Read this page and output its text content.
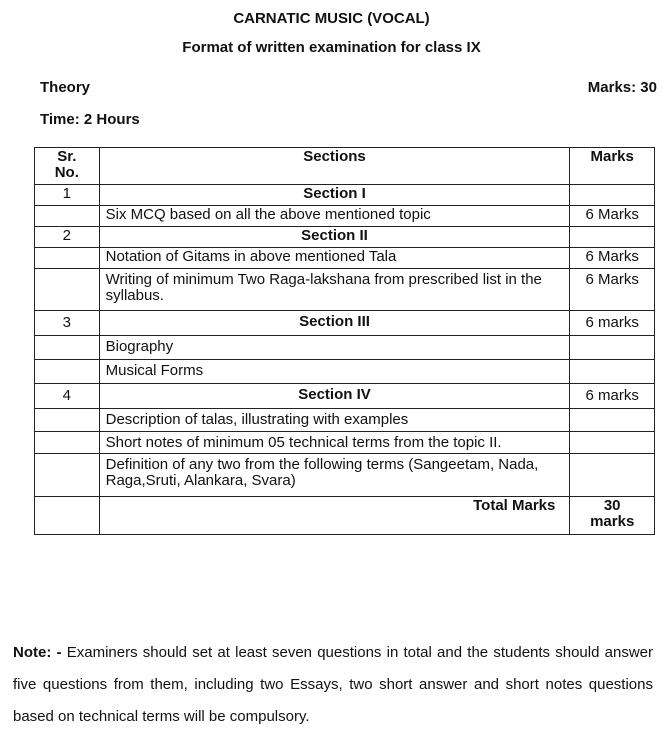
CARNATIC MUSIC (VOCAL)
Format of written examination for class IX
Theory	Marks: 30
Time: 2 Hours
Sr.
No.	Sections	Marks
1	Section I	
	Six MCQ based on all the above mentioned topic	6 Marks
2	Section II	
	Notation of Gitams in above mentioned Tala	6 Marks
	Writing of minimum Two Raga-lakshana from prescribed list in the syllabus.	6 Marks
3	Section III	6 marks
	Biography	
	Musical Forms	
4	Section IV	6 marks
	Description of talas, illustrating with examples	
	Short notes of minimum 05 technical terms from the topic II.	
	Definition of any two from the following terms (Sangeetam, Nada, Raga,Sruti, Alankara, Svara)	
	Total Marks	30
marks
Note: - Examiners should set at least seven questions in total and the students should answer five questions from them, including two Essays, two short answer and short notes questions based on technical terms will be compulsory.
